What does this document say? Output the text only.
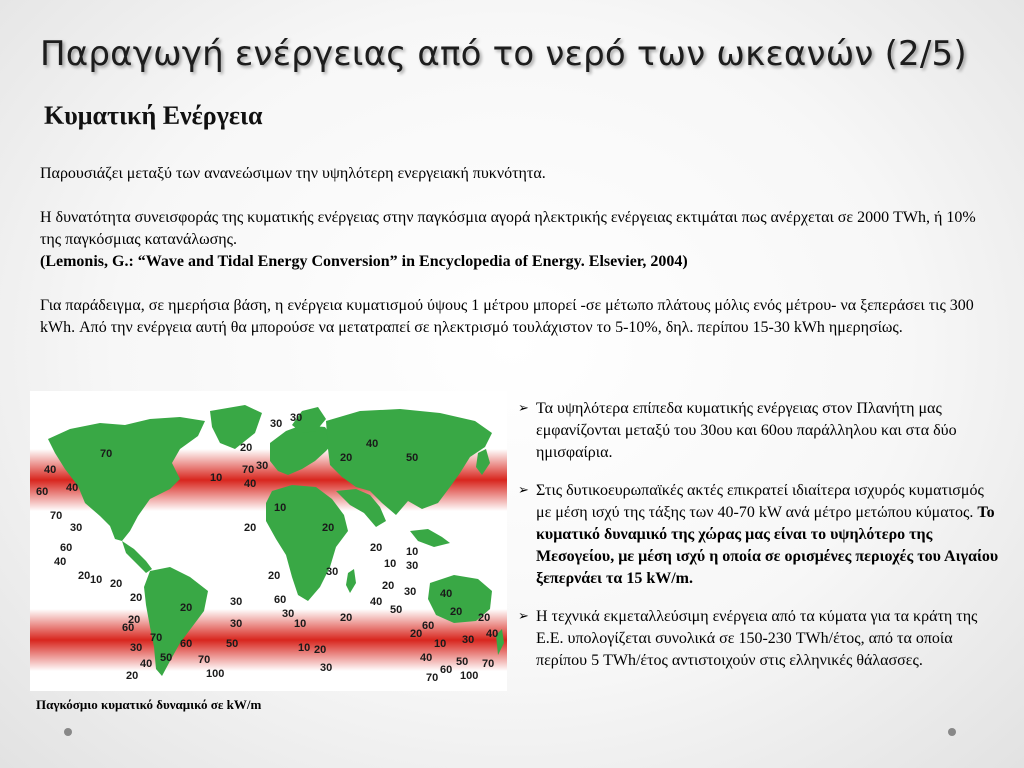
Παραγωγή ενέργειας από το νερό των ωκεανών (2/5)
Κυματική Ενέργεια

Παρουσιάζει μεταξύ των ανανεώσιμων την υψηλότερη ενεργειακή πυκνότητα.

Η δυνατότητα συνεισφοράς της κυματικής ενέργειας στην παγκόσμια αγορά ηλεκτρικής ενέργειας εκτιμάται πως ανέρχεται σε 2000 TWh, ή 10% της παγκόσμιας κατανάλωσης.

(Lemonis, G.: “Wave and Tidal Energy Conversion” in Encyclopedia of Energy. Elsevier, 2004)

Για παράδειγμα, σε ημερήσια βάση, η ενέργεια κυματισμού ύψους 1 μέτρου μπορεί -σε μέτωπο πλάτους μόλις ενός μέτρου- να ξεπεράσει τις 300 kWh. Από την ενέργεια αυτή θα μπορούσε να μετατραπεί σε ηλεκτρισμό τουλάχιστον το 5-10%, δηλ. περίπου 15-30 kWh ημερησίως.

60 40
40
60
70
30
40
20 10 20
20
20
30
20
40
60
70
100
20	30
30
20
60
30
10
10 20
30
20
40
50
20
40
60
30
20
30
60
10
70
50
30 40
20
30 40
20
60
70
50
40
30
10
20
30 30
10
20
100
70
70
70
40
50
20
20
20
10
10
50

Παγκόσμιο κυματικό δυναμικό σε kW/m

➢ Τα υψηλότερα επίπεδα κυματικής ενέργειας στον Πλανήτη μας εμφανίζονται μεταξύ του 30ου και 60ου παράλληλου και στα δύο ημισφαίρια.
➢ Στις δυτικοευρωπαϊκές ακτές επικρατεί ιδιαίτερα ισχυρός κυματισμός με μέση ισχύ της τάξης των 40-70 kW ανά μέτρο μετώπου κύματος. Το κυματικό δυναμικό της χώρας μας είναι το υψηλότερο της Μεσογείου, με μέση ισχύ η οποία σε ορισμένες περιοχές του Αιγαίου ξεπερνάει τα 15 kW/m.
➢ Η τεχνικά εκμεταλλεύσιμη ενέργεια από τα κύματα για τα κράτη της Ε.Ε. υπολογίζεται συνολικά σε 150-230 TWh/έτος, από τα οποία περίπου 5 TWh/έτος αντιστοιχούν στις ελληνικές θάλασσες.
